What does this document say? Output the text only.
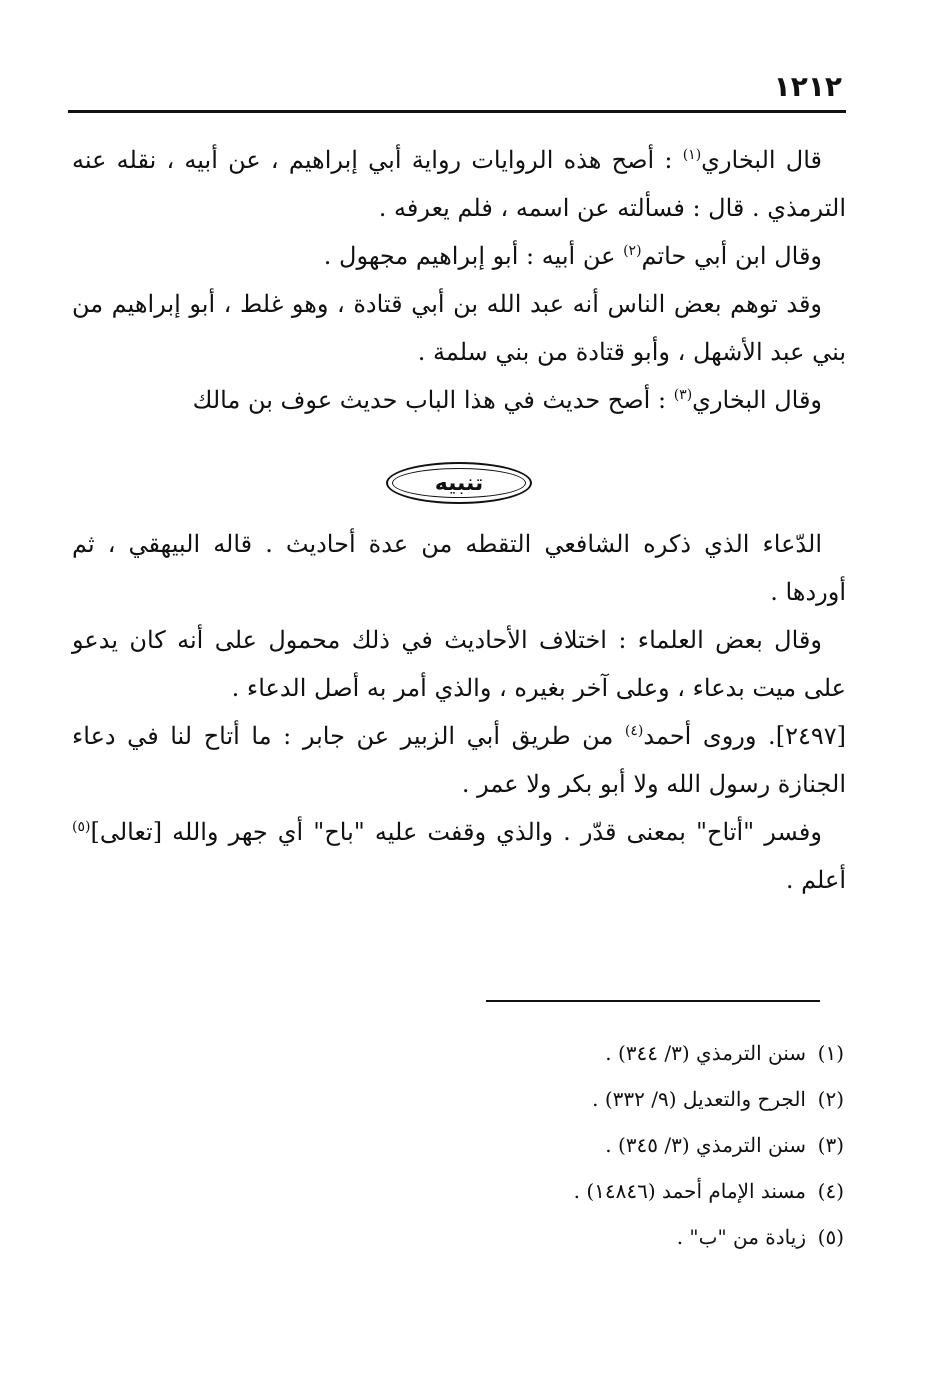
١٢١٢

قال البخاري$^{(١)}$ : أصح هذه الروايات رواية أبي إبراهيم ، عن أبيه ، نقله عنه الترمذي . قال : فسألته عن اسمه ، فلم يعرفه .

وقال ابن أبي حاتم$^{(٢)}$ عن أبيه : أبو إبراهيم مجهول .

وقد توهم بعض الناس أنه عبد الله بن أبي قتادة ، وهو غلط ، أبو إبراهيم من بني عبد الأشهل ، وأبو قتادة من بني سلمة .

وقال البخاري$^{(٣)}$ : أصح حديث في هذا الباب حديث عوف بن مالك

تنبيه

الدّعاء الذي ذكره الشافعي التقطه من عدة أحاديث . قاله البيهقي ، ثم أوردها .

وقال بعض العلماء : اختلاف الأحاديث في ذلك محمول على أنه كان يدعو على ميت بدعاء ، وعلى آخر بغيره ، والذي أمر به أصل الدعاء .

[٢٤٩٧]. وروى أحمد$^{(٤)}$ من طريق أبي الزبير عن جابر : ما أتاح لنا في دعاء الجنازة رسول الله ولا أبو بكر ولا عمر .

وفسر "أتاح" بمعنى قدّر . والذي وقفت عليه "باح" أي جهر والله [تعالى]$^{(٥)}$ أعلم .

(١)
سنن الترمذي (٣/ ٣٤٤) .
(٢)
الجرح والتعديل (٩/ ٣٣٢) .
(٣)
سنن الترمذي (٣/ ٣٤٥) .
(٤)
مسند الإمام أحمد (١٤٨٤٦) .
(٥)
زيادة من "ب" .
